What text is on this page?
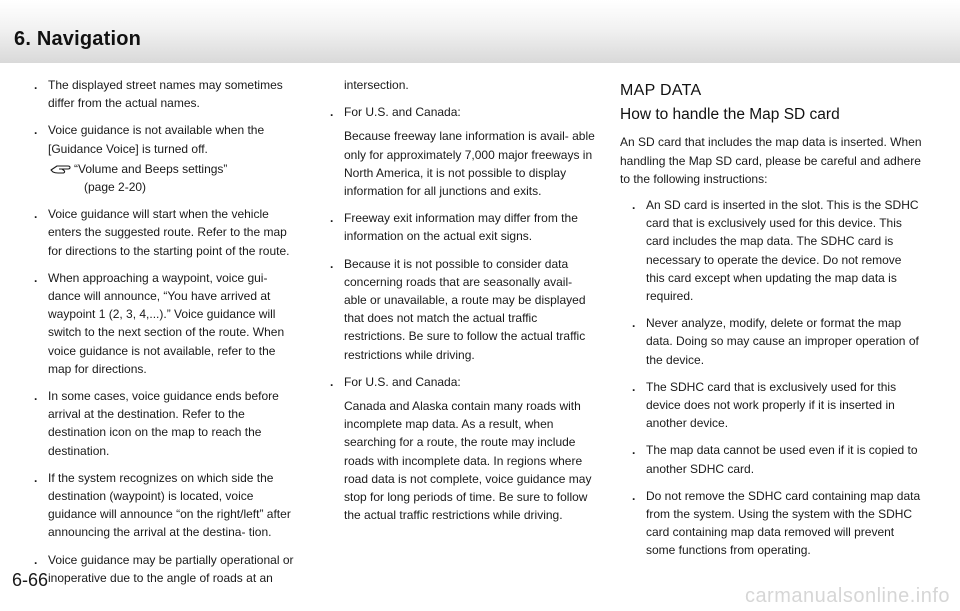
6. Navigation
. The displayed street names may sometimes differ from the actual names.
. Voice guidance is not available when the [Guidance Voice] is turned off.
“Volume and Beeps settings”
(page 2-20)
. Voice guidance will start when the vehicle enters the suggested route. Refer to the map for directions to the starting point of the route.
. When approaching a waypoint, voice gui- dance will announce, “You have arrived at waypoint 1 (2, 3, 4,...).” Voice guidance will switch to the next section of the route. When voice guidance is not available, refer to the map for directions.
. In some cases, voice guidance ends before arrival at the destination. Refer to the destination icon on the map to reach the destination.
. If the system recognizes on which side the destination (waypoint) is located, voice guidance will announce “on the right/left” after announcing the arrival at the destina- tion.
. Voice guidance may be partially operational or inoperative due to the angle of roads at an
intersection.
. For U.S. and Canada:
Because freeway lane information is avail- able only for approximately 7,000 major freeways in North America, it is not possible to display information for all junctions and exits.
. Freeway exit information may differ from the information on the actual exit signs.
. Because it is not possible to consider data concerning roads that are seasonally avail- able or unavailable, a route may be displayed that does not match the actual traffic restrictions. Be sure to follow the actual traffic restrictions while driving.
. For U.S. and Canada:
Canada and Alaska contain many roads with incomplete map data. As a result, when searching for a route, the route may include roads with incomplete data. In regions where road data is not complete, voice guidance may stop for long periods of time. Be sure to follow the actual traffic restrictions while driving.
MAP DATA
How to handle the Map SD card
An SD card that includes the map data is inserted. When handling the Map SD card, please be careful and adhere to the following instructions:
. An SD card is inserted in the slot. This is the SDHC card that is exclusively used for this device. This card includes the map data. The SDHC card is necessary to operate the device. Do not remove this card except when updating the map data is required.
. Never analyze, modify, delete or format the map data. Doing so may cause an improper operation of the device.
. The SDHC card that is exclusively used for this device does not work properly if it is inserted in another device.
. The map data cannot be used even if it is copied to another SDHC card.
. Do not remove the SDHC card containing map data from the system. Using the system with the SDHC card containing map data removed will prevent some functions from operating.
6-66
carmanualsonline.info
